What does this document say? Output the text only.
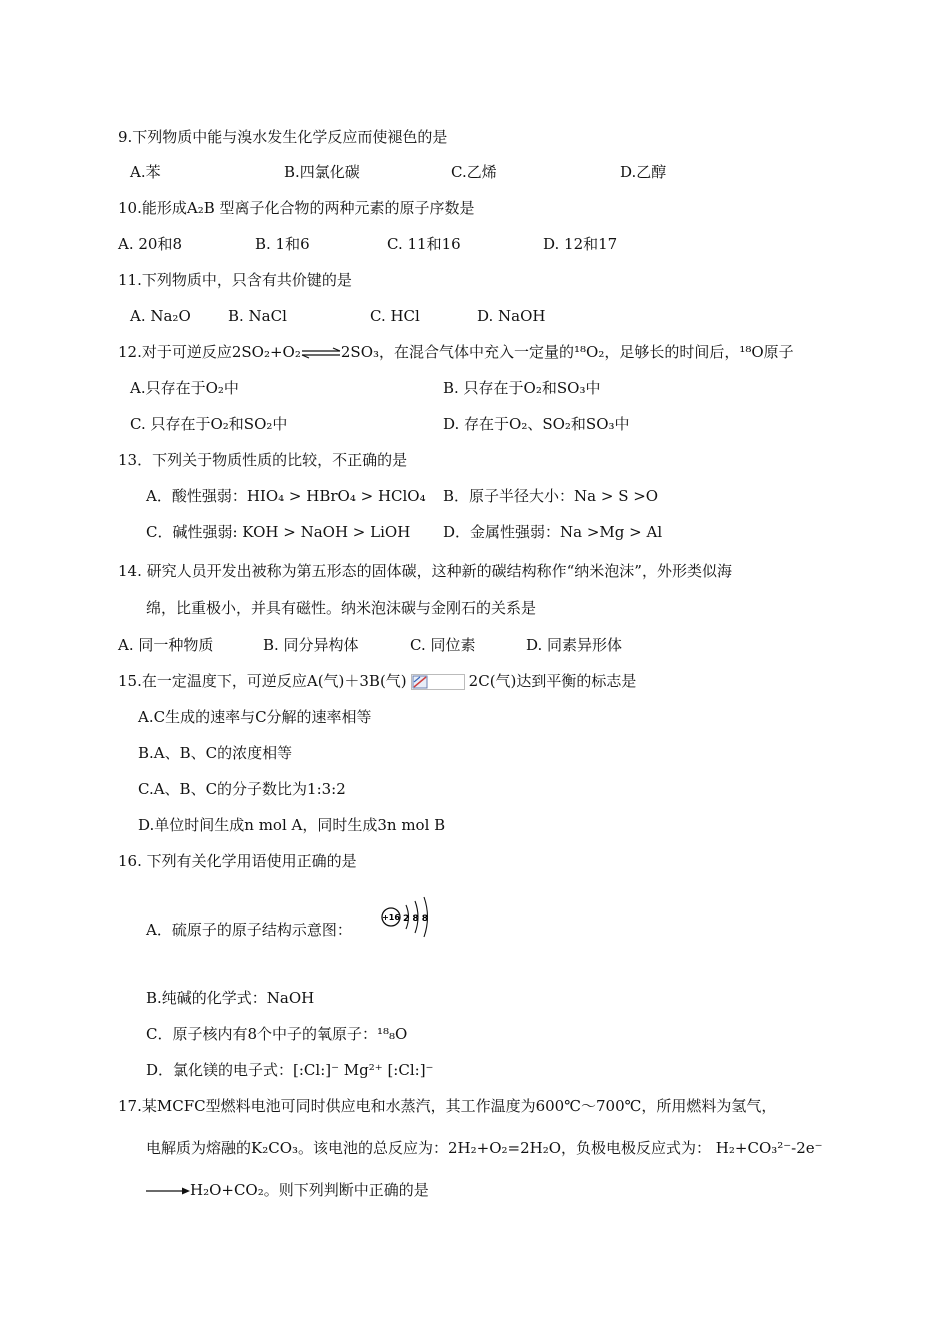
9.下列物质中能与溴水发生化学反应而使褪色的是
A.苯	B.四氯化碳	C.乙烯	D.乙醇
10.能形成A₂B 型离子化合物的两种元素的原子序数是
A. 20和8	B. 1和6	C. 11和16	D. 12和17
11.下列物质中，只含有共价键的是
A. Na₂O B. NaCl	C. HCl	D. NaOH
12.对于可逆反应2SO₂+O₂⇌2SO₃，在混合气体中充入一定量的¹⁸O₂，足够长的时间后，¹⁸O原子
A.只存在于O₂中	B. 只存在于O₂和SO₃中
C. 只存在于O₂和SO₂中	D. 存在于O₂、SO₂和SO₃中
13．下列关于物质性质的比较，不正确的是
A．酸性强弱：HIO₄ > HBrO₄ > HClO₄ B．原子半径大小：Na > S >O
C．碱性强弱: KOH > NaOH > LiOH D．金属性强弱：Na >Mg > Al
14. 研究人员开发出被称为第五形态的固体碳，这种新的碳结构称作“纳米泡沫”，外形类似海
绵，比重极小，并具有磁性。纳米泡沫碳与金刚石的关系是
A. 同一种物质	B. 同分异构体	C. 同位素	D. 同素异形体
15.在一定温度下，可逆反应A(气)＋3B(气)	2C(气)达到平衡的标志是
A.C生成的速率与C分解的速率相等
B.A、B、C的浓度相等
C.A、B、C的分子数比为1:3:2
D.单位时间生成n mol A，同时生成3n mol B
16. 下列有关化学用语使用正确的是
A．硫原子的原子结构示意图：
+16 2 8 8
B.纯碱的化学式：NaOH
C．原子核内有8个中子的氧原子：¹⁸₈O
D．氯化镁的电子式：[:Cl:]⁻ Mg²⁺ [:Cl:]⁻
17.某MCFC型燃料电池可同时供应电和水蒸汽，其工作温度为600℃～700℃，所用燃料为氢气，
电解质为熔融的K₂CO₃。该电池的总反应为：2H₂+O₂=2H₂O，负极电极反应式为： H₂+CO₃²⁻-2e⁻
→H₂O+CO₂。则下列判断中正确的是
